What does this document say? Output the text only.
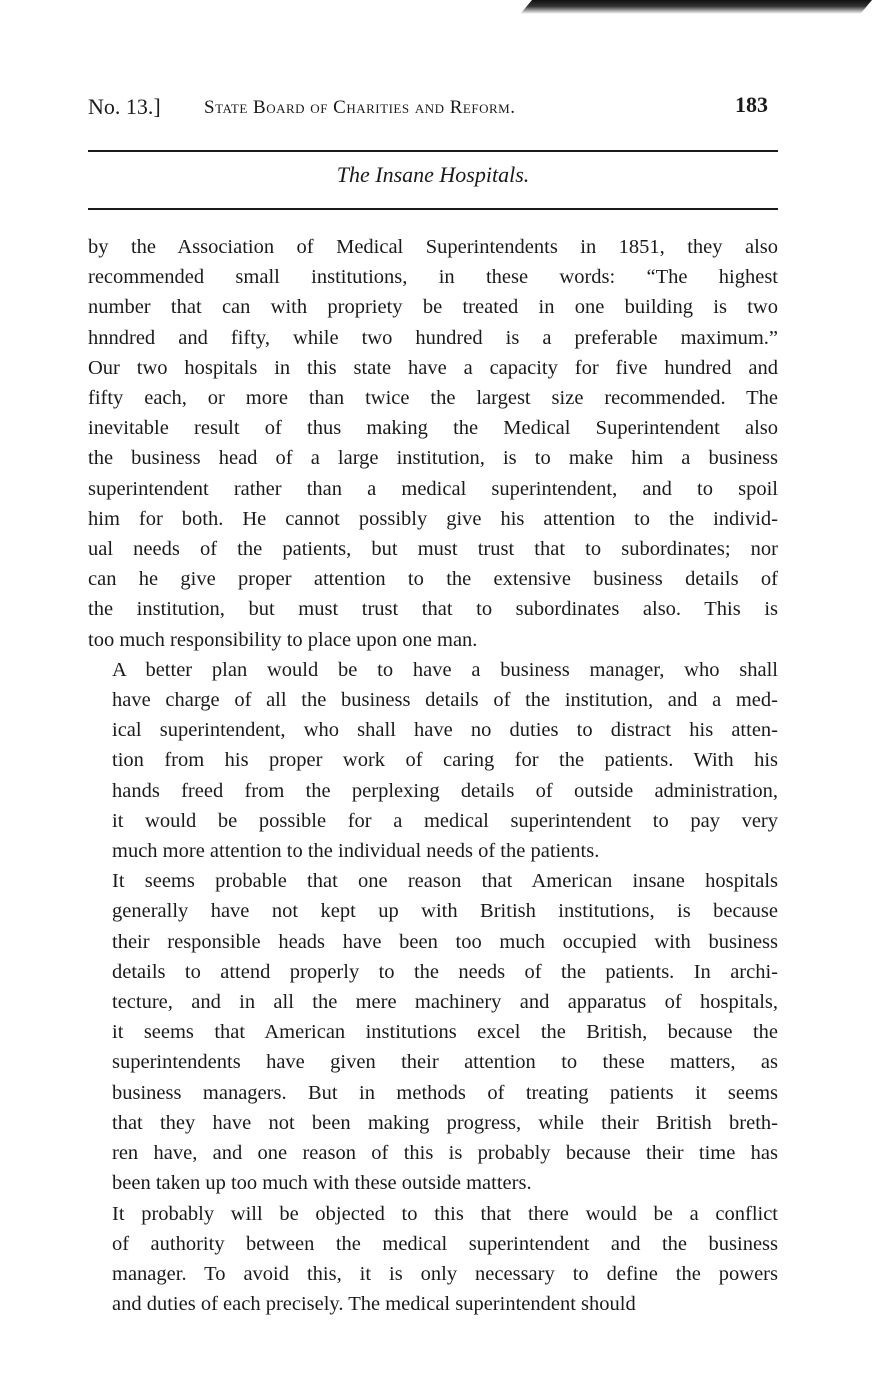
No. 13.] State Board of Charities and Reform.	183
The Insane Hospitals.
by the Association of Medical Superintendents in 1851, they also
recommended small institutions, in these words: “The highest
number that can with propriety be treated in one building is two
hnndred and fifty, while two hundred is a preferable maximum.”
Our two hospitals in this state have a capacity for five hundred and
fifty each, or more than twice the largest size recommended. The
inevitable result of thus making the Medical Superintendent also
the business head of a large institution, is to make him a business
superintendent rather than a medical superintendent, and to spoil
him for both. He cannot possibly give his attention to the individ-
ual needs of the patients, but must trust that to subordinates; nor
can he give proper attention to the extensive business details of
the institution, but must trust that to subordinates also. This is
too much responsibility to place upon one man.
A better plan would be to have a business manager, who shall
have charge of all the business details of the institution, and a med-
ical superintendent, who shall have no duties to distract his atten-
tion from his proper work of caring for the patients. With his
hands freed from the perplexing details of outside administration,
it would be possible for a medical superintendent to pay very
much more attention to the individual needs of the patients.
It seems probable that one reason that American insane hospitals
generally have not kept up with British institutions, is because
their responsible heads have been too much occupied with business
details to attend properly to the needs of the patients. In archi-
tecture, and in all the mere machinery and apparatus of hospitals,
it seems that American institutions excel the British, because the
superintendents have given their attention to these matters, as
business managers. But in methods of treating patients it seems
that they have not been making progress, while their British breth-
ren have, and one reason of this is probably because their time has
been taken up too much with these outside matters.
It probably will be objected to this that there would be a conflict
of authority between the medical superintendent and the business
manager. To avoid this, it is only necessary to define the powers
and duties of each precisely. The medical superintendent should
